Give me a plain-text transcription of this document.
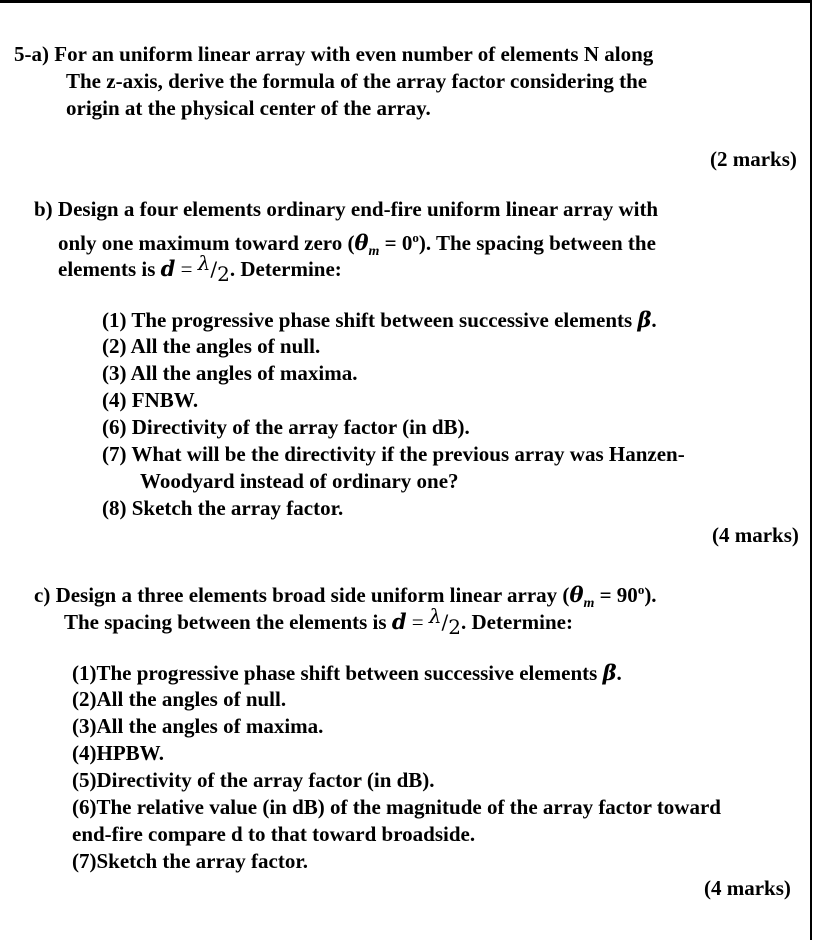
5-a) For an uniform linear array with even number of elements N along
The z-axis, derive the formula of the array factor considering the
origin at the physical center of the array.
(2 marks)
b) Design a four elements ordinary end-fire uniform linear array with
only one maximum toward zero $(\theta_m = 0^o)$. The spacing between the
elements is d = λ/2. Determine:
(1) The progressive phase shift between successive elements β.
(2) All the angles of null.
(3) All the angles of maxima.
(4) FNBW.
(6) Directivity of the array factor (in dB).
(7) What will be the directivity if the previous array was Hanzen-
Woodyard instead of ordinary one?
(8) Sketch the array factor.
(4 marks)
c) Design a three elements broad side uniform linear array $(\theta_m = 90^o)$.
The spacing between the elements is d = λ/2. Determine:
(1)The progressive phase shift between successive elements β.
(2)All the angles of null.
(3)All the angles of maxima.
(4)HPBW.
(5)Directivity of the array factor (in dB).
(6)The relative value (in dB) of the magnitude of the array factor toward
end-fire compare d to that toward broadside.
(7)Sketch the array factor.
(4 marks)
